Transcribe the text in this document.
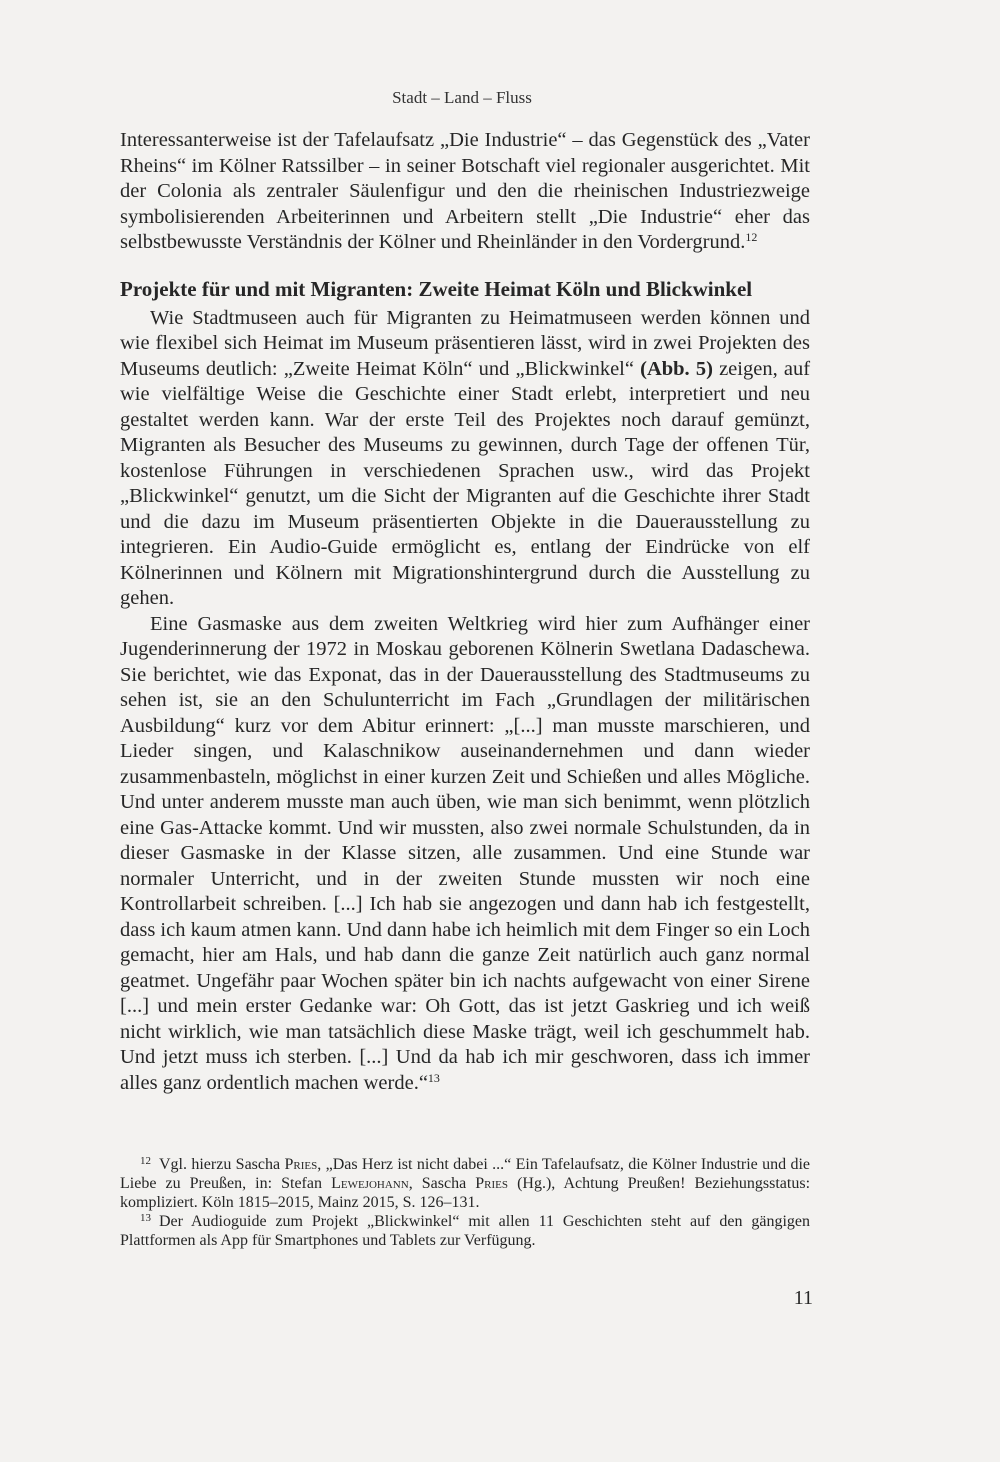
Stadt – Land – Fluss

Interessanterweise ist der Tafelaufsatz „Die Industrie“ – das Gegenstück des „Vater Rheins“ im Kölner Ratssilber – in seiner Botschaft viel regionaler ausgerichtet. Mit der Colonia als zentraler Säulenfigur und den die rheinischen Industriezweige symbolisierenden Arbeiterinnen und Arbeitern stellt „Die Industrie“ eher das selbstbewusste Verständnis der Kölner und Rheinländer in den Vordergrund.$^{12}$

Projekte für und mit Migranten: Zweite Heimat Köln und Blickwinkel

Wie Stadtmuseen auch für Migranten zu Heimatmuseen werden können und wie flexibel sich Heimat im Museum präsentieren lässt, wird in zwei Projekten des Museums deutlich: „Zweite Heimat Köln“ und „Blickwinkel“ (Abb. 5) zeigen, auf wie vielfältige Weise die Geschichte einer Stadt erlebt, interpretiert und neu gestaltet werden kann. War der erste Teil des Projektes noch darauf gemünzt, Migranten als Besucher des Museums zu gewinnen, durch Tage der offenen Tür, kostenlose Führungen in verschiedenen Sprachen usw., wird das Projekt „Blickwinkel“ genutzt, um die Sicht der Migranten auf die Geschichte ihrer Stadt und die dazu im Museum präsentierten Objekte in die Dauerausstellung zu integrieren. Ein Audio-Guide ermöglicht es, entlang der Eindrücke von elf Kölnerinnen und Kölnern mit Migrationshintergrund durch die Ausstellung zu gehen.

Eine Gasmaske aus dem zweiten Weltkrieg wird hier zum Aufhänger einer Jugenderinnerung der 1972 in Moskau geborenen Kölnerin Swetlana Dadaschewa. Sie berichtet, wie das Exponat, das in der Dauerausstellung des Stadtmuseums zu sehen ist, sie an den Schulunterricht im Fach „Grundlagen der militärischen Ausbildung“ kurz vor dem Abitur erinnert: „[...] man musste marschieren, und Lieder singen, und Kalaschnikow auseinandernehmen und dann wieder zusammenbasteln, möglichst in einer kurzen Zeit und Schießen und alles Mögliche. Und unter anderem musste man auch üben, wie man sich benimmt, wenn plötzlich eine Gas-Attacke kommt. Und wir mussten, also zwei normale Schulstunden, da in dieser Gasmaske in der Klasse sitzen, alle zusammen. Und eine Stunde war normaler Unterricht, und in der zweiten Stunde mussten wir noch eine Kontrollarbeit schreiben. [...] Ich hab sie angezogen und dann hab ich festgestellt, dass ich kaum atmen kann. Und dann habe ich heimlich mit dem Finger so ein Loch gemacht, hier am Hals, und hab dann die ganze Zeit natürlich auch ganz normal geatmet. Ungefähr paar Wochen später bin ich nachts aufgewacht von einer Sirene [...] und mein erster Gedanke war: Oh Gott, das ist jetzt Gaskrieg und ich weiß nicht wirklich, wie man tatsächlich diese Maske trägt, weil ich geschummelt hab. Und jetzt muss ich sterben. [...] Und da hab ich mir geschworen, dass ich immer alles ganz ordentlich machen werde.“$^{13}$

$^{12}$ Vgl. hierzu Sascha Pries, „Das Herz ist nicht dabei ...“ Ein Tafelaufsatz, die Kölner Industrie und die Liebe zu Preußen, in: Stefan Lewejohann, Sascha Pries (Hg.), Achtung Preußen! Beziehungsstatus: kompliziert. Köln 1815–2015, Mainz 2015, S. 126–131.

$^{13}$ Der Audioguide zum Projekt „Blickwinkel“ mit allen 11 Geschichten steht auf den gängigen Plattformen als App für Smartphones und Tablets zur Verfügung.

11
